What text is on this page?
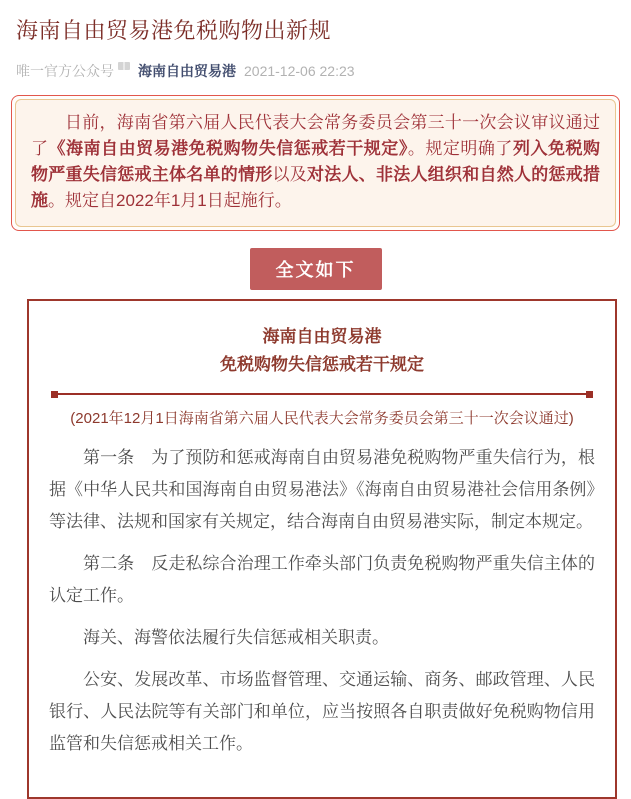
海南自由贸易港免税购物出新规
唯一官方公众号 海南自由贸易港 2021-12-06 22:23

日前，海南省第六届人民代表大会常务委员会第三十一次会议审议通过了《海南自由贸易港免税购物失信惩戒若干规定》。规定明确了列入免税购物严重失信惩戒主体名单的情形以及对法人、非法人组织和自然人的惩戒措施。规定自2022年1月1日起施行。

全文如下
海南自由贸易港
免税购物失信惩戒若干规定
(2021年12月1日海南省第六届人民代表大会常务委员会第三十一次会议通过)

第一条　为了预防和惩戒海南自由贸易港免税购物严重失信行为，根据《中华人民共和国海南自由贸易港法》《海南自由贸易港社会信用条例》等法律、法规和国家有关规定，结合海南自由贸易港实际，制定本规定。

第二条　反走私综合治理工作牵头部门负责免税购物严重失信主体的认定工作。

海关、海警依法履行失信惩戒相关职责。

公安、发展改革、市场监督管理、交通运输、商务、邮政管理、人民银行、人民法院等有关部门和单位，应当按照各自职责做好免税购物信用监管和失信惩戒相关工作。
